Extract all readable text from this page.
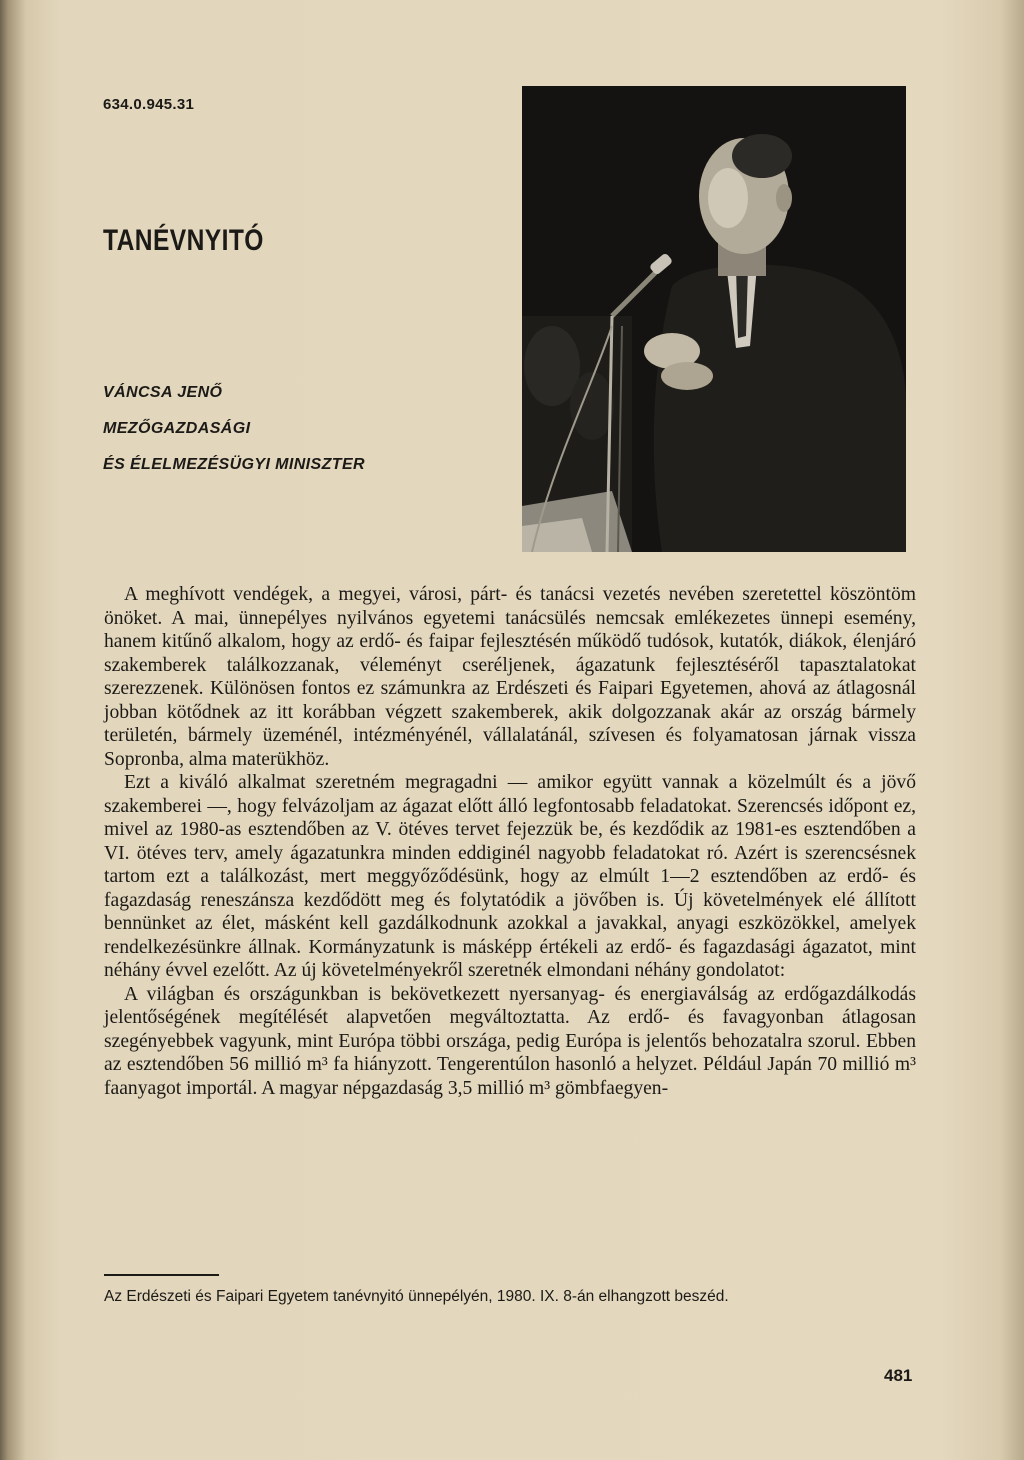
634.0.945.31
TANÉVNYITÓ
VÁNCSA JENŐ
MEZŐGAZDASÁGI
ÉS ÉLELMEZÉSÜGYI MINISZTER

A meghívott vendégek, a megyei, városi, párt- és tanácsi vezetés nevében szeretettel köszöntöm önöket. A mai, ünnepélyes nyilvános egyetemi tanácsülés nemcsak emlékezetes ünnepi esemény, hanem kitűnő alkalom, hogy az erdő- és faipar fejlesztésén működő tudósok, kutatók, diákok, élenjáró szakemberek találkozzanak, véleményt cseréljenek, ágazatunk fejlesztéséről tapasztalatokat szerezzenek. Különösen fontos ez számunkra az Erdészeti és Faipari Egyetemen, ahová az átlagosnál jobban kötődnek az itt korábban végzett szakemberek, akik dolgozzanak akár az ország bármely területén, bármely üzeménél, intézményénél, vállalatánál, szívesen és folyamatosan járnak vissza Sopronba, alma materükhöz.

Ezt a kiváló alkalmat szeretném megragadni — amikor együtt vannak a közelmúlt és a jövő szakemberei —, hogy felvázoljam az ágazat előtt álló legfontosabb feladatokat. Szerencsés időpont ez, mivel az 1980-as esztendőben az V. ötéves tervet fejezzük be, és kezdődik az 1981-es esztendőben a VI. ötéves terv, amely ágazatunkra minden eddiginél nagyobb feladatokat ró. Azért is szerencsésnek tartom ezt a találkozást, mert meggyőződésünk, hogy az elmúlt 1—2 esztendőben az erdő- és fagazdaság reneszánsza kezdődött meg és folytatódik a jövőben is. Új követelmények elé állított bennünket az élet, másként kell gazdálkodnunk azokkal a javakkal, anyagi eszközökkel, amelyek rendelkezésünkre állnak. Kormányzatunk is másképp értékeli az erdő- és fagazdasági ágazatot, mint néhány évvel ezelőtt. Az új követelményekről szeretnék elmondani néhány gondolatot:

A világban és országunkban is bekövetkezett nyersanyag- és energiaválság az erdőgazdálkodás jelentőségének megítélését alapvetően megváltoztatta. Az erdő- és favagyonban átlagosan szegényebbek vagyunk, mint Európa többi országa, pedig Európa is jelentős behozatalra szorul. Ebben az esztendőben 56 millió m³ fa hiányzott. Tengerentúlon hasonló a helyzet. Például Japán 70 millió m³ faanyagot importál. A magyar népgazdaság 3,5 millió m³ gömbfaegyen-

Az Erdészeti és Faipari Egyetem tanévnyitó ünnepélyén, 1980. IX. 8-án elhangzott beszéd.
481
